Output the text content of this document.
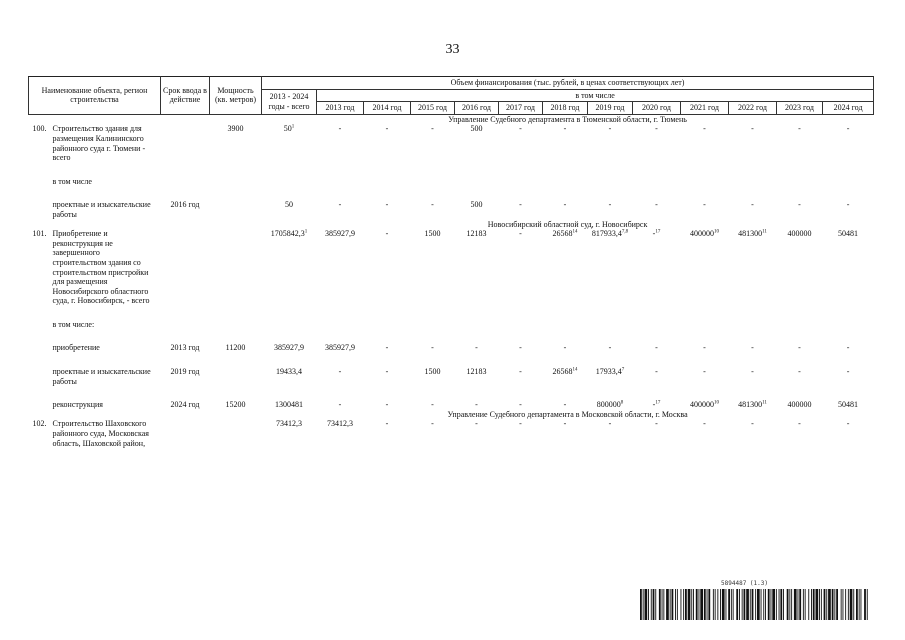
33
Наименование объекта, регион строительства	Срок ввода в действие	Мощность (кв. метров)	Объем финансирования (тыс. рублей, в ценах соответствующих лет)												
			2013 - 2024 годы - всего	в том числе											
				2013 год	2014 год	2015 год	2016 год	2017 год	2018 год	2019 год	2020 год	2021 год	2022 год	2023 год	2024 год
			Управление Судебного департамента в Тюменской области, г. Тюмень												

100. Строительство здания для размещения Калининского районного суда г. Тюмени - всего		3900	$50^1$	-	-	-	500	-	-	-	-	-	-	-	-

в том числе															

проектные и изыскательские работы	2016 год		50	-	-	-	500	-	-	-	-	-	-	-	-
			Новосибирский областной суд, г. Новосибирск												

101. Приобретение и реконструкция не завершенного строительством здания со строительством пристройки для размещения Новосибирского областного суда, г. Новосибирск, - всего			1705842,3$^1$	385927,9	-	1500	12183	-	26568$^{14}$	817933,4$^{7,8}$	-$^{17}$	400000$^{10}$	481300$^{11}$	400000	50481

в том числе:															

приобретение	2013 год	11200	385927,9	385927,9	-	-	-	-	-	-	-	-	-	-	-

проектные и изыскательские работы	2019 год		19433,4	-	-	1500	12183	-	26568$^{14}$	17933,4$^7$	-	-	-	-	-

реконструкция	2024 год	15200	1300481	-	-	-	-	-	-	800000$^8$	-$^{17}$	400000$^{10}$	481300$^{11}$	400000	50481
			Управление Судебного департамента в Московской области, г. Москва												

102. Строительство Шаховского районного суда, Московская область, Шаховской район,			73412,3	73412,3	-	-	-	-	-	-	-	-	-	-	-
5894487 (1.3)
